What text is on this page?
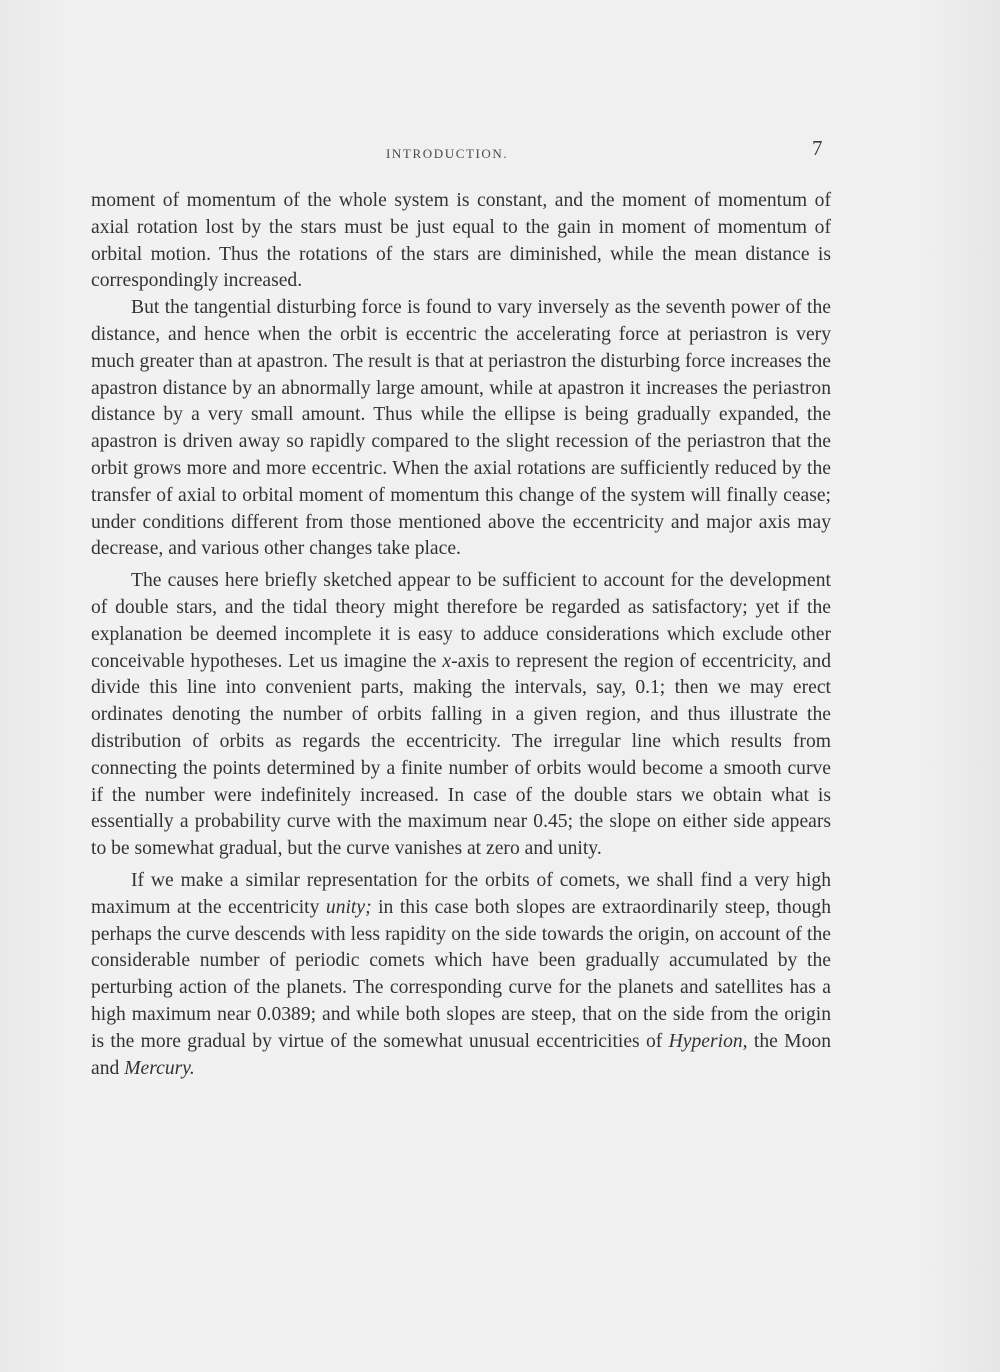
INTRODUCTION.	7

moment of momentum of the whole system is constant, and the moment of momentum of axial rotation lost by the stars must be just equal to the gain in moment of momentum of orbital motion. Thus the rotations of the stars are diminished, while the mean distance is correspondingly increased.

But the tangential disturbing force is found to vary inversely as the seventh power of the distance, and hence when the orbit is eccentric the accelerating force at periastron is very much greater than at apastron. The result is that at periastron the disturbing force increases the apastron distance by an abnormally large amount, while at apastron it increases the periastron distance by a very small amount. Thus while the ellipse is being gradually expanded, the apastron is driven away so rapidly compared to the slight recession of the periastron that the orbit grows more and more eccentric. When the axial rotations are sufficiently reduced by the transfer of axial to orbital moment of momentum this change of the system will finally cease; under conditions different from those mentioned above the eccentricity and major axis may decrease, and various other changes take place.

The causes here briefly sketched appear to be sufficient to account for the development of double stars, and the tidal theory might therefore be regarded as satisfactory; yet if the explanation be deemed incomplete it is easy to adduce considerations which exclude other conceivable hypotheses. Let us imagine the x-axis to represent the region of eccentricity, and divide this line into convenient parts, making the intervals, say, 0.1; then we may erect ordinates denoting the number of orbits falling in a given region, and thus illustrate the distribution of orbits as regards the eccentricity. The irregular line which results from connecting the points determined by a finite number of orbits would become a smooth curve if the number were indefinitely increased. In case of the double stars we obtain what is essentially a probability curve with the maximum near 0.45; the slope on either side appears to be somewhat gradual, but the curve vanishes at zero and unity.

If we make a similar representation for the orbits of comets, we shall find a very high maximum at the eccentricity unity; in this case both slopes are extraordinarily steep, though perhaps the curve descends with less rapidity on the side towards the origin, on account of the considerable number of periodic comets which have been gradually accumulated by the perturbing action of the planets. The corresponding curve for the planets and satellites has a high maximum near 0.0389; and while both slopes are steep, that on the side from the origin is the more gradual by virtue of the somewhat unusual eccentricities of Hyperion, the Moon and Mercury.
